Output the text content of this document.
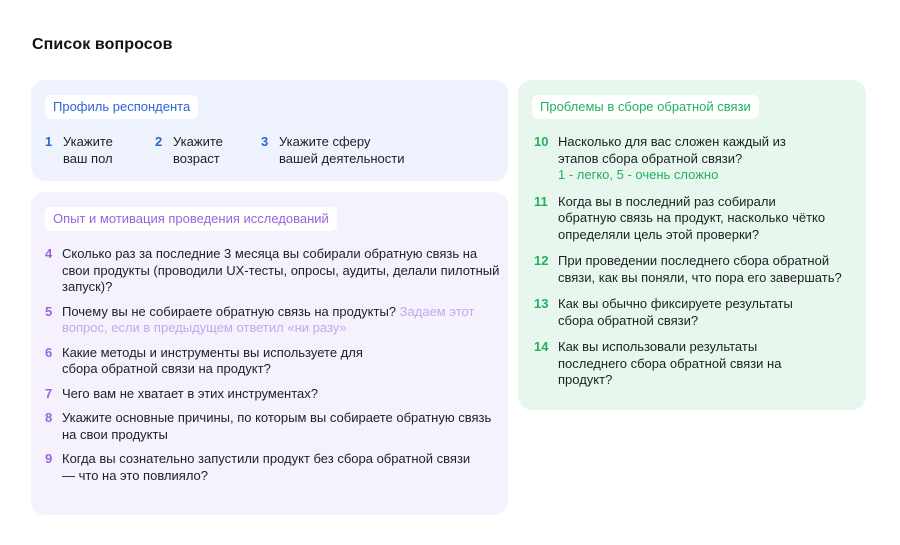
Список вопросов
Профиль респондента
1 Укажите
ваш пол
2 Укажите
возраст
3 Укажите сферу
вашей деятельности
Опыт и мотивация проведения исследований
4 Сколько раз за последние 3 месяца вы собирали обратную связь на свои продукты (проводили UX-тесты, опросы, аудиты, делали пилотный запуск)?
5 Почему вы не собираете обратную связь на продукты? Задаем этот вопрос, если в предыдущем ответил «ни разу»
6 Какие методы и инструменты вы используете для сбора обратной связи на продукт?
7 Чего вам не хватает в этих инструментах?
8 Укажите основные причины, по которым вы собираете обратную связь на свои продукты
9 Когда вы сознательно запустили продукт без сбора обратной связи — что на это повлияло?
Проблемы в сборе обратной связи
10 Насколько для вас сложен каждый из этапов сбора обратной связи?
1 - легко, 5 - очень сложно
11 Когда вы в последний раз собирали обратную связь на продукт, насколько чётко определяли цель этой проверки?
12 При проведении последнего сбора обратной связи, как вы поняли, что пора его завершать?
13 Как вы обычно фиксируете результаты сбора обратной связи?
14 Как вы использовали результаты последнего сбора обратной связи на продукт?
